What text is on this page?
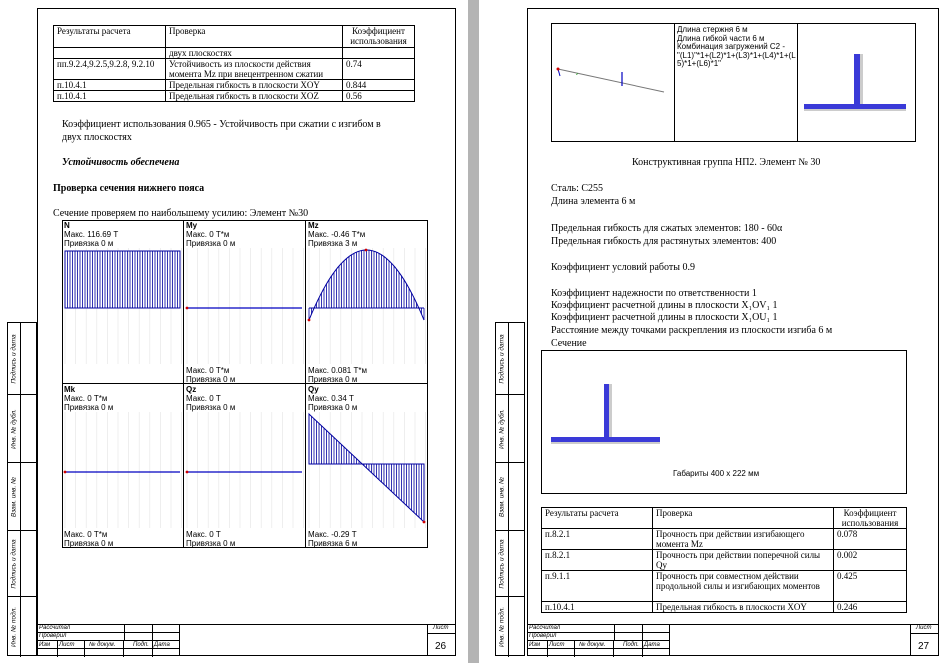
Подпись и дата
Инв. № дубл.
Взам. инв. №
Подпись и дата
Инв. № подл.
Результаты расчета	Проверка	Коэффициент использования
	двух плоскостях	
пп.9.2.4,9.2.5,9.2.8, 9.2.10	Устойчивость из плоскости действия момента Mz при внецентренном сжатии	0.74
п.10.4.1	Предельная гибкость в плоскости XOY	0.844
п.10.4.1	Предельная гибкость в плоскости XOZ	0.56
Коэффициент использования 0.965 - Устойчивость при сжатии с изгибом в
двух плоскостях
Устойчивость обеспечена
Проверка сечения нижнего пояса
Сечение проверяем по наибольшему усилию: Элемент №30
Рассчитал
Проверил
Изм Лист № докум.	Подп. Дата
Лист
26
N
Макс. 116.69 Т
Привязка 0 м
My
Макс. 0 Т*м
Привязка 0 м
Макс. 0 Т*м
Привязка 0 м
Mz
Макс. -0.46 Т*м
Привязка 3 м
Макс. 0.081 Т*м
Привязка 0 м
Mk
Макс. 0 Т*м
Привязка 0 м
Макс. 0 Т*м
Привязка 0 м
Qz
Макс. 0 Т
Привязка 0 м
Макс. 0 Т
Привязка 0 м
Qy
Макс. 0.34 Т
Привязка 0 м
Макс. -0.29 Т
Привязка 6 м
Подпись и дата
Инв. № дубл.
Взам. инв. №
Подпись и дата
Инв. № подл.
z
Длина стержня 6 м
Длина гибкой части 6 м
Комбинация загружений С2 -
"(L1)"*1+(L2)*1+(L3)*1+(L4)*1+(L
5)*1+(L6)*1"
Конструктивная группа НП2. Элемент № 30
Сталь: С255
Длина элемента 6 м
Предельная гибкость для сжатых элементов: 180 - 60α
Предельная гибкость для растянутых элементов: 400
Коэффициент условий работы 0.9
Коэффициент надежности по ответственности 1
Коэффициент расчетной длины в плоскости X₁OV₁ 1
Коэффициент расчетной длины в плоскости X₁OU₁ 1
Расстояние между точками раскрепления из плоскости изгиба 6 м
Сечение
Габариты 400 x 222 мм
Результаты расчета	Проверка	Коэффициент использования
п.8.2.1	Прочность при действии изгибающего момента Mz	0.078
п.8.2.1	Прочность при действии поперечной силы Qy	0.002
п.9.1.1	Прочность при совместном действии продольной силы и изгибающих моментов	0.425
п.10.4.1	Предельная гибкость в плоскости XOY	0.246
Рассчитал
Проверил
Изм Лист № докум.	Подп. Дата
Лист
27
